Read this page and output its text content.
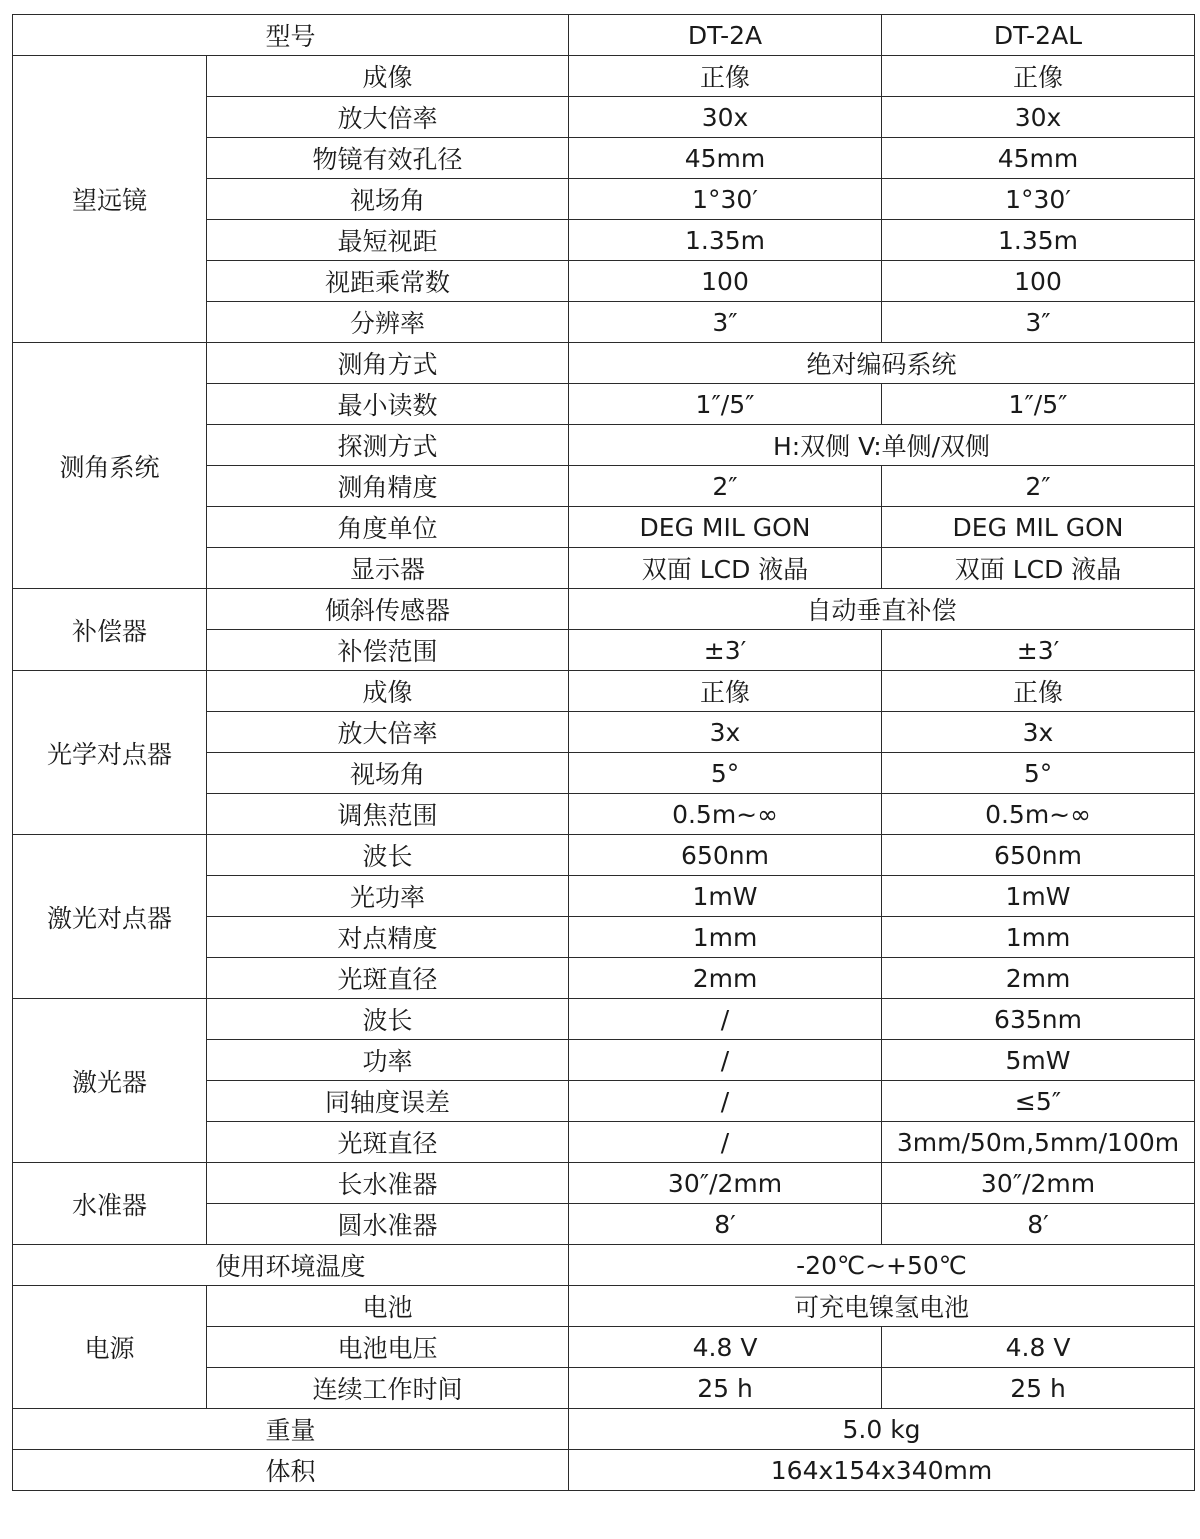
型号		DT-2A	DT-2AL
望远镜	成像	正像	正像
	放大倍率	30x	30x
	物镜有效孔径	45mm	45mm
	视场角	1°30′	1°30′
	最短视距	1.35m	1.35m
	视距乘常数	100	100
	分辨率	3″	3″
测角系统	测角方式	绝对编码系统	
	最小读数	1″/5″	1″/5″
	探测方式	H:双侧 V:单侧/双侧	
	测角精度	2″	2″
	角度单位	DEG MIL GON	DEG MIL GON
	显示器	双面 LCD 液晶	双面 LCD 液晶
补偿器	倾斜传感器	自动垂直补偿	
	补偿范围	±3′	±3′
光学对点器	成像	正像	正像
	放大倍率	3x	3x
	视场角	5°	5°
	调焦范围	0.5m~∞	0.5m~∞
激光对点器	波长	650nm	650nm
	光功率	1mW	1mW
	对点精度	1mm	1mm
	光斑直径	2mm	2mm
激光器	波长	/	635nm
	功率	/	5mW
	同轴度误差	/	≤5″
	光斑直径	/	3mm/50m,5mm/100m
水准器	长水准器	30″/2mm	30″/2mm
	圆水准器	8′	8′
使用环境温度		-20℃~+50℃	
电源	电池	可充电镍氢电池	
	电池电压	4.8 V	4.8 V
	连续工作时间	25 h	25 h
重量		5.0 kg	
体积		164x154x340mm	
